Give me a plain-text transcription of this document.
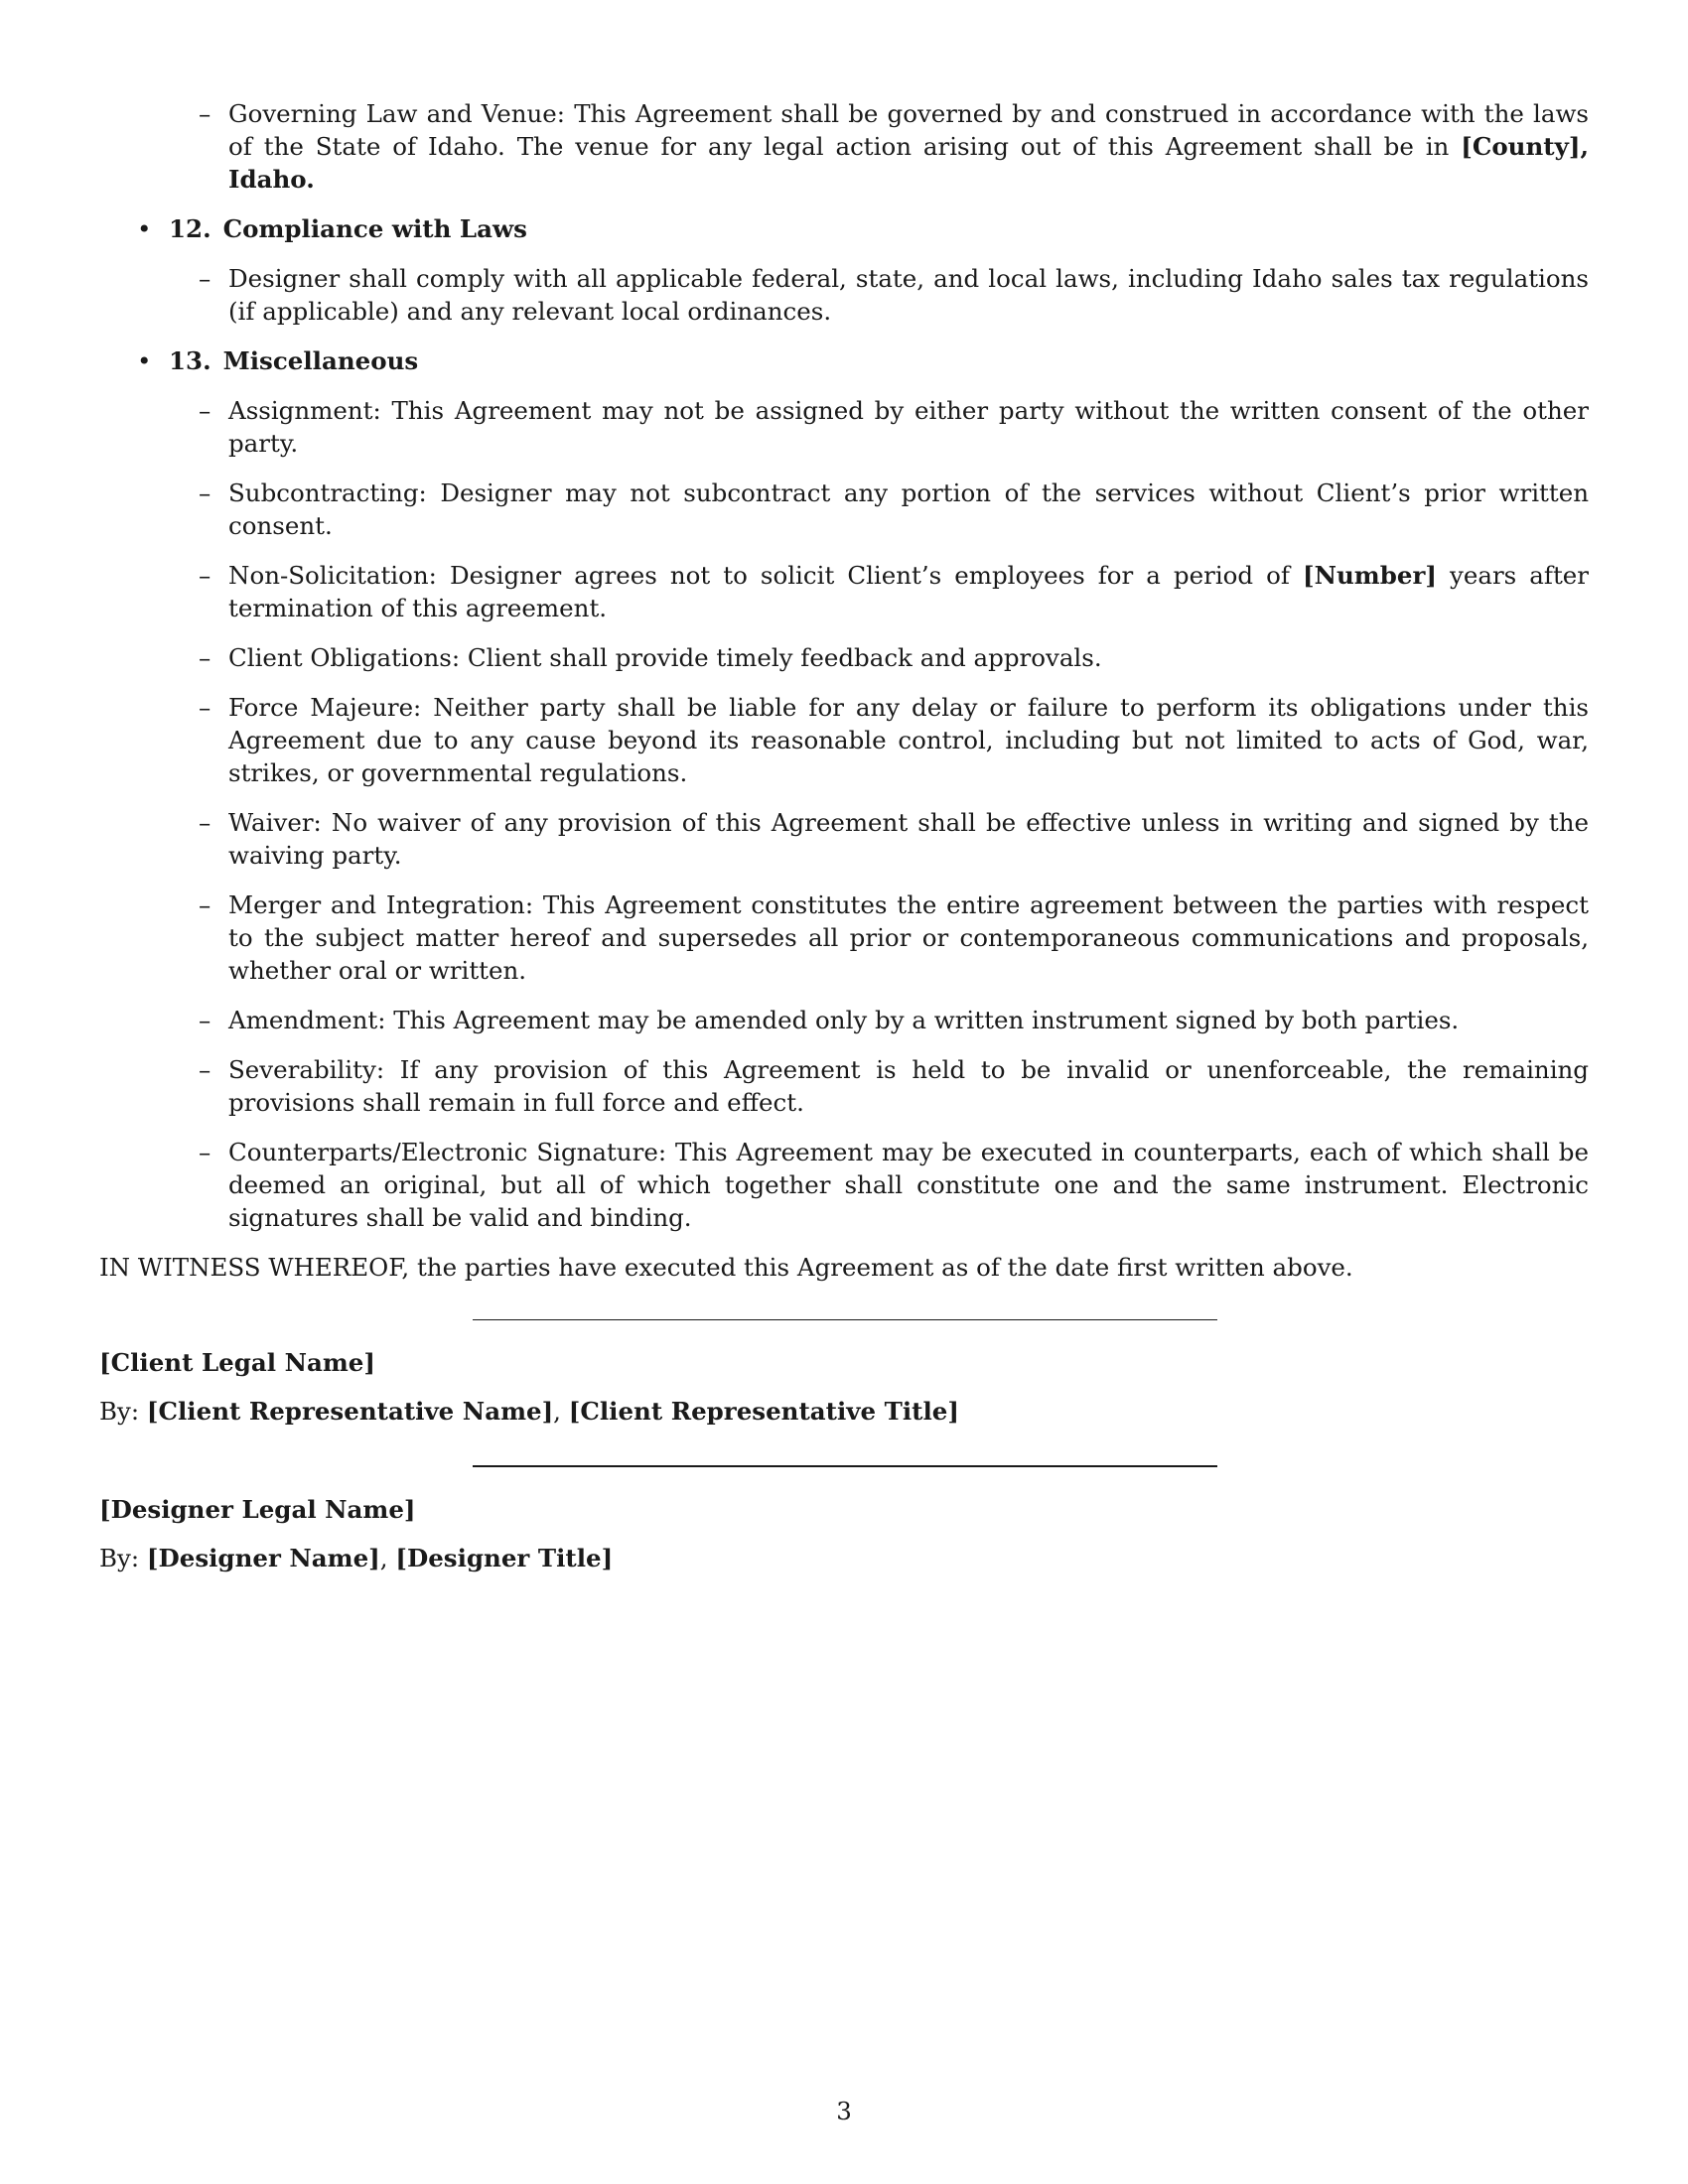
– Governing Law and Venue: This Agreement shall be governed by and construed in accordance with the laws of the State of Idaho. The venue for any legal action arising out of this Agreement shall be in [County], Idaho.

• 12. Compliance with Laws

– Designer shall comply with all applicable federal, state, and local laws, including Idaho sales tax regulations (if applicable) and any relevant local ordinances.

• 13. Miscellaneous

– Assignment: This Agreement may not be assigned by either party without the written consent of the other party.

– Subcontracting: Designer may not subcontract any portion of the services without Client’s prior written consent.

– Non-Solicitation: Designer agrees not to solicit Client’s employees for a period of [Number] years after termination of this agreement.

– Client Obligations: Client shall provide timely feedback and approvals.

– Force Majeure: Neither party shall be liable for any delay or failure to perform its obligations under this Agreement due to any cause beyond its reasonable control, including but not limited to acts of God, war, strikes, or governmental regulations.

– Waiver: No waiver of any provision of this Agreement shall be effective unless in writing and signed by the waiving party.

– Merger and Integration: This Agreement constitutes the entire agreement between the parties with respect to the subject matter hereof and supersedes all prior or contemporaneous communications and proposals, whether oral or written.

– Amendment: This Agreement may be amended only by a written instrument signed by both parties.

– Severability: If any provision of this Agreement is held to be invalid or unenforceable, the remaining provisions shall remain in full force and effect.

– Counterparts/Electronic Signature: This Agreement may be executed in counterparts, each of which shall be deemed an original, but all of which together shall constitute one and the same instrument. Electronic signatures shall be valid and binding.

IN WITNESS WHEREOF, the parties have executed this Agreement as of the date first written above.

[Client Legal Name]

By: [Client Representative Name], [Client Representative Title]

[Designer Legal Name]

By: [Designer Name], [Designer Title]

3
